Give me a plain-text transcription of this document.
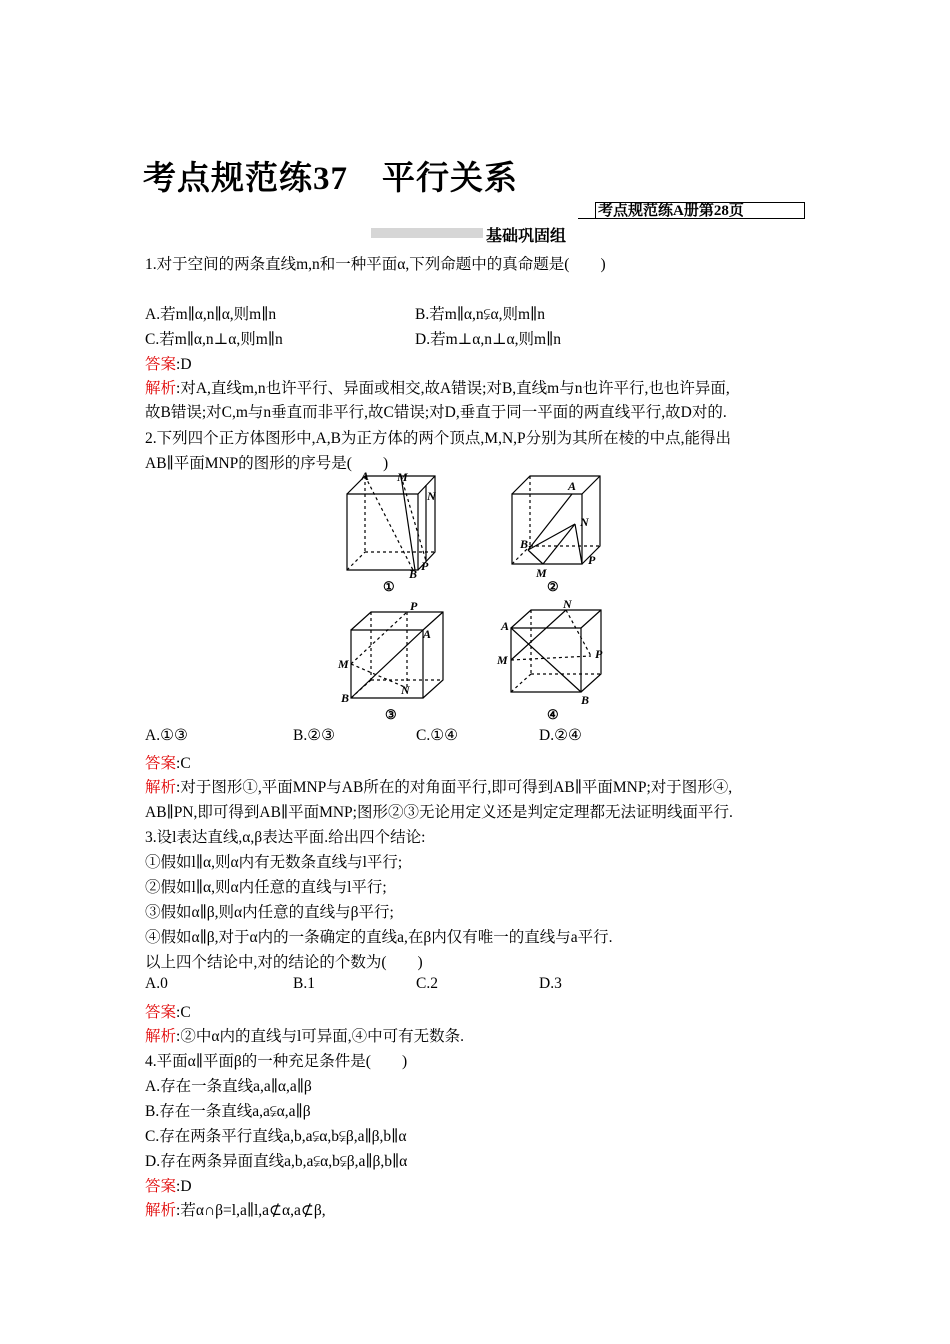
考点规范练37　平行关系
考点规范练A册第28页
基础巩固组
1.对于空间的两条直线m,n和一种平面α,下列命题中的真命题是(　　)
A.若m∥α,n∥α,则m∥n	B.若m∥α,n⫋α,则m∥n
C.若m∥α,n⊥α,则m∥n	D.若m⊥α,n⊥α,则m∥n
答案:D
解析:对A,直线m,n也许平行、异面或相交,故A错误;对B,直线m与n也许平行,也也许异面,
故B错误;对C,m与n垂直而非平行,故C错误;对D,垂直于同一平面的两直线平行,故D对的.
2.下列四个正方体图形中,A,B为正方体的两个顶点,M,N,P分别为其所在棱的中点,能得出
AB∥平面MNP的图形的序号是(　　)
A M
N
B
P
①
A
N
B
M
P
②
P
A
M
N
B
③
N
A
M	P
B
④
A.①③	B.②③	C.①④	D.②④
答案:C
解析:对于图形①,平面MNP与AB所在的对角面平行,即可得到AB∥平面MNP;对于图形④,
AB∥PN,即可得到AB∥平面MNP;图形②③无论用定义还是判定定理都无法证明线面平行.
3.设l表达直线,α,β表达平面.给出四个结论:
①假如l∥α,则α内有无数条直线与l平行;
②假如l∥α,则α内任意的直线与l平行;
③假如α∥β,则α内任意的直线与β平行;
④假如α∥β,对于α内的一条确定的直线a,在β内仅有唯一的直线与a平行.
以上四个结论中,对的结论的个数为(　　)
A.0	B.1	C.2	D.3
答案:C
解析:②中α内的直线与l可异面,④中可有无数条.
4.平面α∥平面β的一种充足条件是(　　)
A.存在一条直线a,a∥α,a∥β
B.存在一条直线a,a⫋α,a∥β
C.存在两条平行直线a,b,a⫋α,b⫋β,a∥β,b∥α
D.存在两条异面直线a,b,a⫋α,b⫋β,a∥β,b∥α
答案:D
解析:若α∩β=l,a∥l,a⊄α,a⊄β,
